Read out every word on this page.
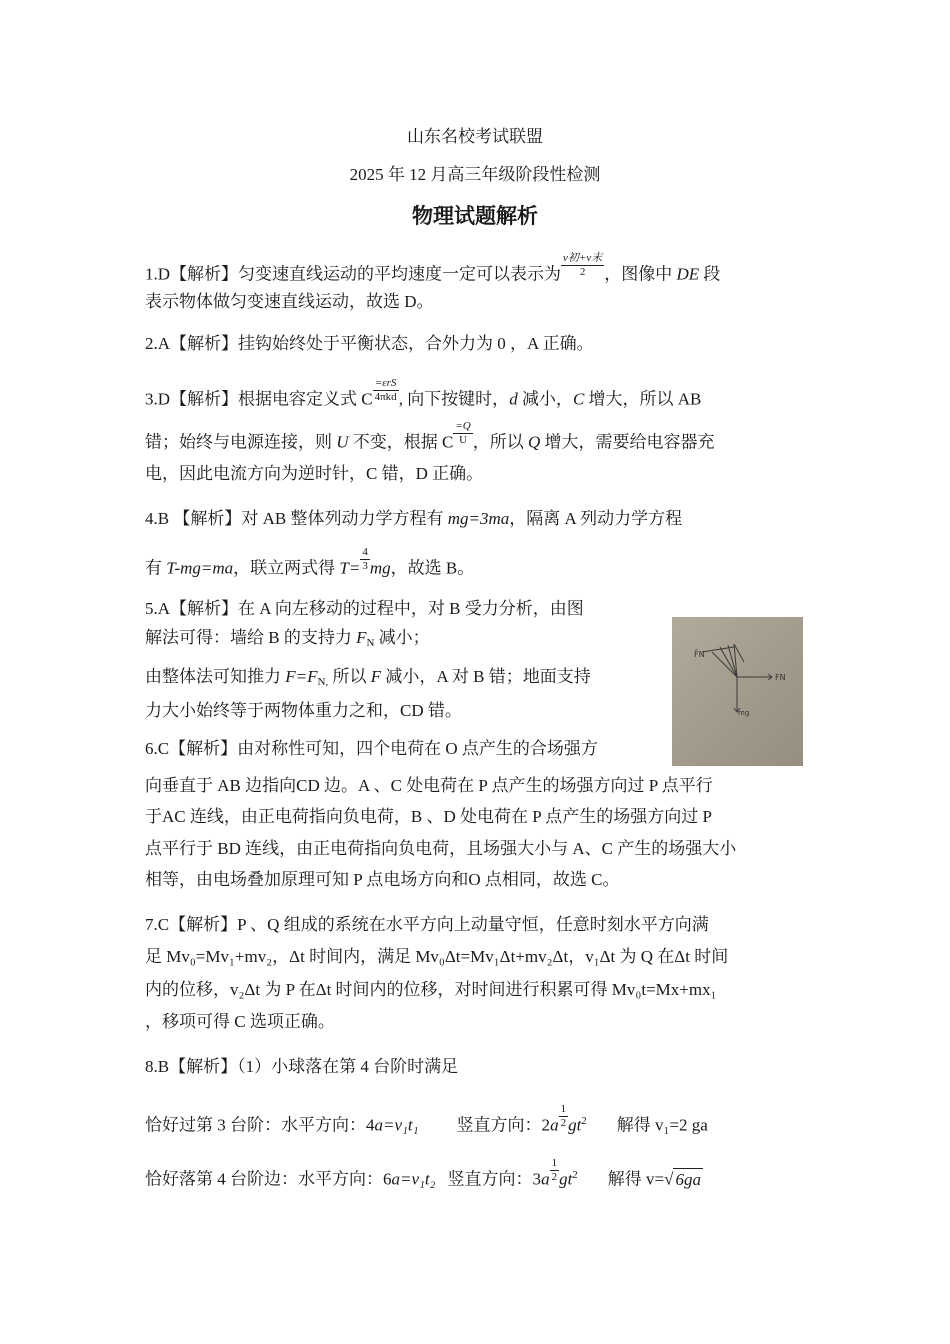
山东名校考试联盟
2025 年 12 月高三年级阶段性检测
物理试题解析
1.D【解析】匀变速直线运动的平均速度一定可以表示为 $\frac{\text{v初+v末}}{2}$ ，图像中 DE 段
表示物体做匀变速直线运动，故选 D。
2.A【解析】挂钩始终处于平衡状态，合外力为 0 ，A 正确。
3.D【解析】根据电容定义式 C $\frac{\text{=εrS}}{\text{4πkd}}$ , 向下按键时，d 减小，C 增大，所以 AB
错；始终与电源连接，则 U 不变，根据 C $\frac{=Q}{U}$ ，所以 Q 增大，需要给电容器充
电，因此电流方向为逆时针，C 错，D 正确。
4.B 【解析】对 AB 整体列动力学方程有 mg=3ma，隔离 A 列动力学方程
有 T-mg=ma，联立两式得 $T= \frac{4}{3}$ mg，故选 B。
5.A【解析】在 A 向左移动的过程中，对 B 受力分析，由图
解法可得：墙给 B 的支持力 $F_N$ 减小；
由整体法可知推力 $F=F_{N,}$ 所以 F 减小，A 对 B 错；地面支持
力大小始终等于两物体重力之和，CD 错。
F̄N
FN
mg
6.C【解析】由对称性可知，四个电荷在 O 点产生的合场强方
向垂直于 AB 边指向CD 边。A 、C 处电荷在 P 点产生的场强方向过 P 点平行
于AC 连线，由正电荷指向负电荷，B 、D 处电荷在 P 点产生的场强方向过 P
点平行于 BD 连线，由正电荷指向负电荷，且场强大小与 A、C 产生的场强大小
相等，由电场叠加原理可知 P 点电场方向和O 点相同，故选 C。
7.C【解析】P 、Q 组成的系统在水平方向上动量守恒，任意时刻水平方向满
足 Mv₀=Mv₁+mv₂，Δt 时间内，满足 Mv₀Δt=Mv₁Δt+mv₂Δt，v₁Δt 为 Q 在Δt 时间
内的位移，v₂Δt 为 P 在Δt 时间内的位移，对时间进行积累可得 Mv₀t=Mx+mx₁
，移项可得 C 选项正确。
8.B【解析】（1）小球落在第 4 台阶时满足
恰好过第 3 台阶：水平方向：4a=v₁t₁ 竖直方向：$2a \frac{1}{2} gt^2$ 解得 v₁=2 ga
恰好落第 4 台阶边：水平方向：6a=v₁t₂ 竖直方向：$3a \frac{1}{2} gt^2$ 解得 v=√ 6ga
